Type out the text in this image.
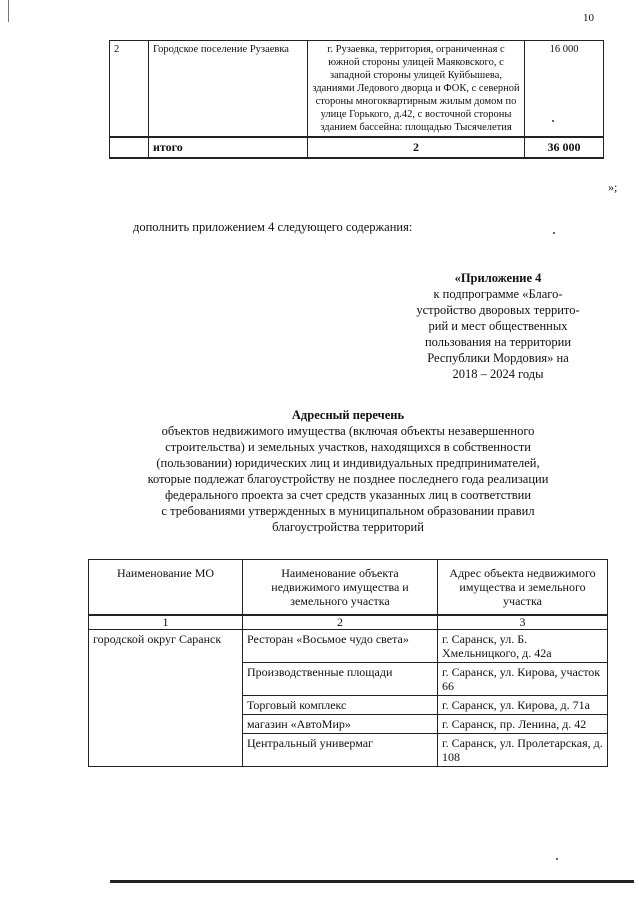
10
2	Городское поселение Рузаевка	г. Рузаевка, территория, ограниченная с южной стороны улицей Маяковского, с западной стороны улицей Куйбышева, зданиями Ледового дворца и ФОК, с северной стороны многоквартирным жилым домом по улице Горького, д.42, с восточной стороны зданием бассейна: площадью Тысячелетия	16 000
	итого	2	36 000
»;
дополнить приложением 4 следующего содержания:
«Приложение 4
к подпрограмме «Благо-
устройство дворовых террито-
рий и мест общественных
пользования на территории
Республики Мордовия» на
2018 – 2024 годы
Адресный перечень
объектов недвижимого имущества (включая объекты незавершенного
строительства) и земельных участков, находящихся в собственности
(пользовании) юридических лиц и индивидуальных предпринимателей,
которые подлежат благоустройству не позднее последнего года реализации
федерального проекта за счет средств указанных лиц в соответствии
с требованиями утвержденных в муниципальном образовании правил
благоустройства территорий
Наименование МО	Наименование объекта недвижимого имущества и земельного участка	Адрес объекта недвижимого имущества и земельного участка
1	2	3
городской округ Саранск	Ресторан «Восьмое чудо света»	г. Саранск, ул. Б. Хмельницкого, д. 42а
	Производственные площади	г. Саранск, ул. Кирова, участок 66
	Торговый комплекс	г. Саранск, ул. Кирова, д. 71а
	магазин «АвтоМир»	г. Саранск, пр. Ленина, д. 42
	Центральный универмаг	г. Саранск, ул. Пролетарская, д. 108
